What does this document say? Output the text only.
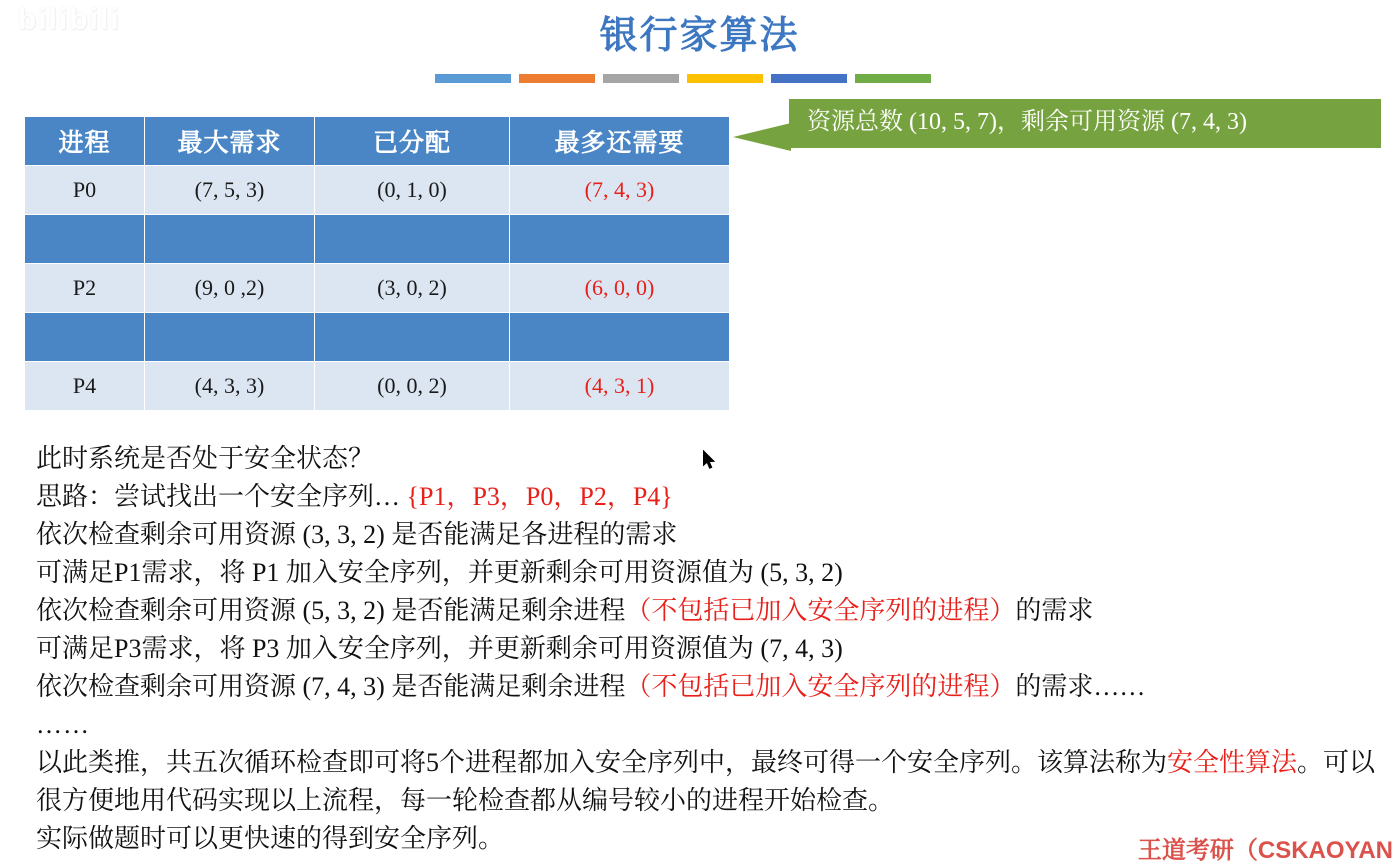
bilibili	银行家算法
进程	最大需求	已分配	最多还需要
P0	(7, 5, 3)	(0, 1, 0)	(7, 4, 3)

P2	(9, 0 ,2)	(3, 0, 2)	(6, 0, 0)

P4	(4, 3, 3)	(0, 0, 2)	(4, 3, 1)
资源总数 (10, 5, 7)，剩余可用资源 (7, 4, 3)
此时系统是否处于安全状态？
思路：尝试找出一个安全序列… {P1，P3，P0，P2，P4}
依次检查剩余可用资源 (3, 3, 2) 是否能满足各进程的需求
可满足P1需求，将 P1 加入安全序列，并更新剩余可用资源值为 (5, 3, 2)
依次检查剩余可用资源 (5, 3, 2) 是否能满足剩余进程（不包括已加入安全序列的进程）的需求
可满足P3需求，将 P3 加入安全序列，并更新剩余可用资源值为 (7, 4, 3)
依次检查剩余可用资源 (7, 4, 3) 是否能满足剩余进程（不包括已加入安全序列的进程）的需求……
……
以此类推，共五次循环检查即可将5个进程都加入安全序列中，最终可得一个安全序列。该算法称为安全性算法。可以很方便地用代码实现以上流程，每一轮检查都从编号较小的进程开始检查。
实际做题时可以更快速的得到安全序列。	王道考研（CSKAOYAN
